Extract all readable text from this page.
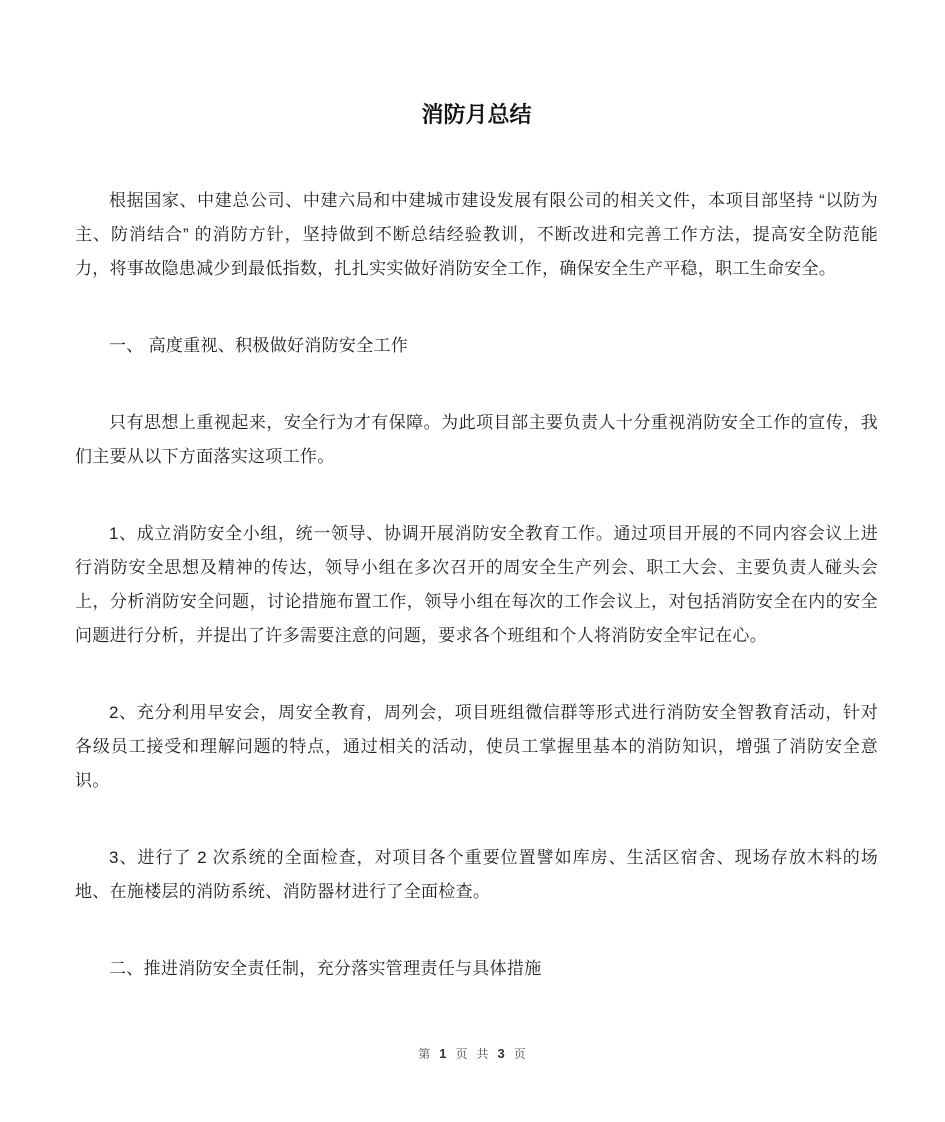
消防月总结

根据国家、中建总公司、中建六局和中建城市建设发展有限公司的相关文件，本项目部坚持 “以防为主、防消结合” 的消防方针，坚持做到不断总结经验教训，不断改进和完善工作方法，提高安全防范能力，将事故隐患减少到最低指数，扎扎实实做好消防安全工作，确保安全生产平稳，职工生命安全。

一、 高度重视、积极做好消防安全工作

只有思想上重视起来，安全行为才有保障。为此项目部主要负责人十分重视消防安全工作的宣传，我们主要从以下方面落实这项工作。

1、成立消防安全小组，统一领导、协调开展消防安全教育工作。通过项目开展的不同内容会议上进行消防安全思想及精神的传达，领导小组在多次召开的周安全生产列会、职工大会、主要负责人碰头会上，分析消防安全问题，讨论措施布置工作，领导小组在每次的工作会议上，对包括消防安全在内的安全问题进行分析，并提出了许多需要注意的问题，要求各个班组和个人将消防安全牢记在心。

2、充分利用早安会，周安全教育，周列会，项目班组微信群等形式进行消防安全智教育活动，针对各级员工接受和理解问题的特点，通过相关的活动，使员工掌握里基本的消防知识，增强了消防安全意识。

3、进行了 2 次系统的全面检查，对项目各个重要位置譬如库房、生活区宿舍、现场存放木料的场地、在施楼层的消防系统、消防器材进行了全面检查。

二、推进消防安全责任制，充分落实管理责任与具体措施

第 1 页 共 3 页
